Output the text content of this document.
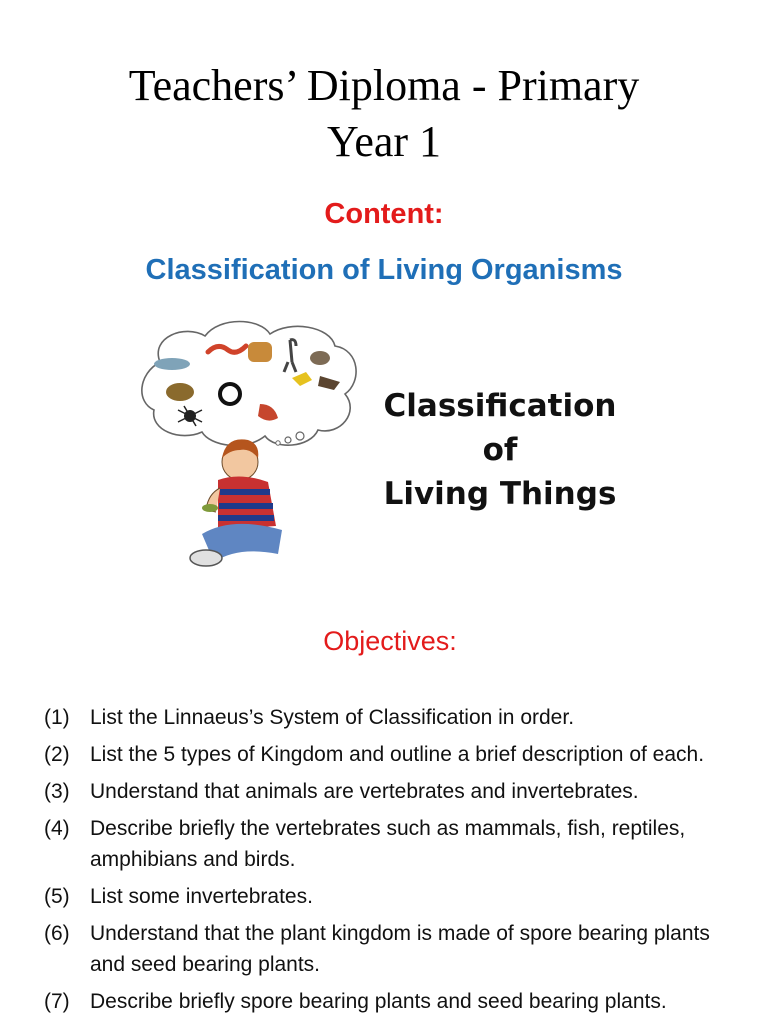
Teachers’ Diploma - Primary
Year 1
Content:
Classification of Living Organisms
Classification
of
Living Things
Objectives:
(1) List the Linnaeus’s System of Classification in order.
(2) List the 5 types of Kingdom and outline a brief description of each.
(3) Understand that animals are vertebrates and invertebrates.
(4) Describe briefly the vertebrates such as mammals, fish, reptiles, amphibians and birds.
(5) List some invertebrates.
(6) Understand that the plant kingdom is made of spore bearing plants and seed bearing plants.
(7) Describe briefly spore bearing plants and seed bearing plants.
